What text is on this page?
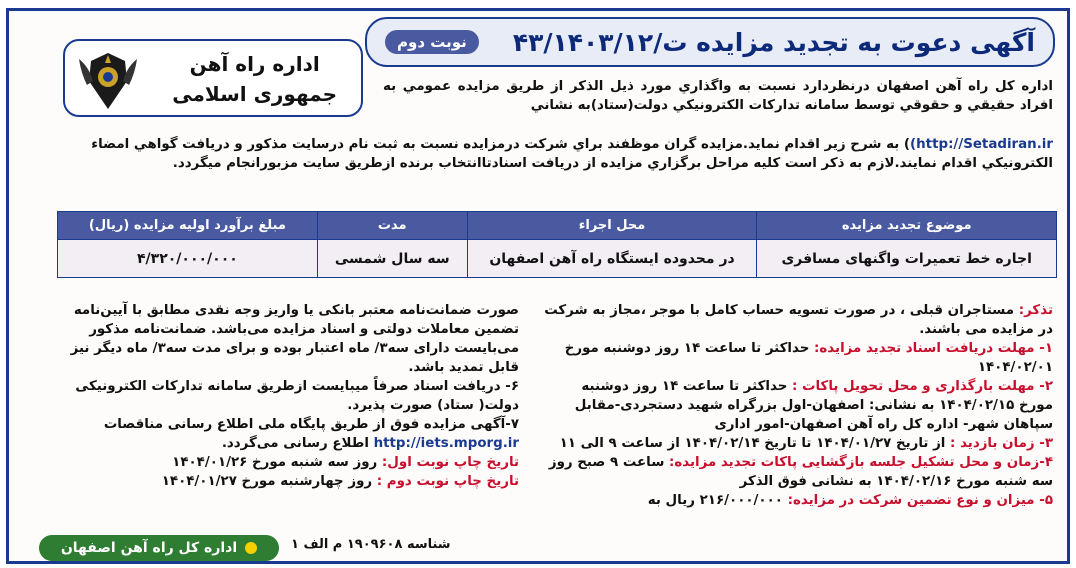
آگهی دعوت به تجدید مزایده ت/۴۳/۱۴۰۳/۱۲
نوبت دوم
اداره راه آهن
جمهوری اسلامی	اداره کل راه آهن اصفهان درنظردارد نسبت به واگذاري مورد ذيل الذکر از طريق مزايده عمومي به افراد حقيقي و حقوقي توسط سامانه تداركات الكترونيكي دولت(ستاد)به نشاني
(http://Setadiran.ir) به شرح زير اقدام نمايد.مزايده گران موظفند براي شركت درمزايده نسبت به ثبت نام درسايت مذكور و دريافت گواهي امضاء الكترونيكي اقدام نمايند.لازم به ذکر است کليه مراحل برگزاري مزايده از دريافت اسنادتاانتخاب برنده ازطريق سايت مزبورانجام ميگردد.
موضوع تجدید مزایده	محل اجراء	مدت	مبلغ برآورد اولیه مزایده (ریال)
اجاره خط تعمیرات واگنهای مسافری	در محدوده ایستگاه راه آهن اصفهان	سه سال شمسی	۴/۳۲۰/۰۰۰/۰۰۰
تذکر: مستاجران قبلی ، در صورت تسویه حساب کامل با موجر ،مجاز به شرکت در مزایده می باشند.
۱- مهلت دریافت اسناد تجدید مزایده: حداکثر تا ساعت ۱۴ روز دوشنبه مورخ ۱۴۰۴/۰۲/۰۱
۲- مهلت بارگذاری و محل تحویل پاکات : حداکثر تا ساعت ۱۴ روز دوشنبه مورخ ۱۴۰۴/۰۲/۱۵ به نشانی: اصفهان-اول بزرگراه شهید دستجردی-مقابل سپاهان شهر- اداره کل راه آهن اصفهان-امور اداری
۳- زمان بازدید : از تاریخ ۱۴۰۴/۰۱/۲۷ تا تاریخ ۱۴۰۴/۰۲/۱۴ از ساعت ۹ الی ۱۱
۴-زمان و محل تشکیل جلسه بازگشایی پاکات تجدید مزایده: ساعت ۹ صبح روز سه شنبه مورخ ۱۴۰۴/۰۲/۱۶ به نشانی فوق الذکر
۵- میزان و نوع تضمین شرکت در مزایده: ۲۱۶/۰۰۰/۰۰۰ ریال به
صورت ضمانت‌نامه معتبر بانکی یا واریز وجه نقدی مطابق با آیین‌نامه تضمین معاملات دولتی و اسناد مزایده می‌باشد. ضمانت‌نامه مذکور می‌بایست دارای سه۳/ ماه اعتبار بوده و برای مدت سه۳/ ماه دیگر نیز قابل تمدید باشد.
۶- دریافت اسناد صرفاً میبایست ازطریق سامانه تدارکات الکترونیکی دولت( ستاد) صورت پذیرد.
۷-آگهی مزایده فوق از طریق پایگاه ملی اطلاع رسانی مناقصات http://iets.mporg.ir اطلاع رسانی می‌گردد.
تاریخ چاپ نوبت اول: روز سه شنبه مورخ ۱۴۰۴/۰۱/۲۶
تاریخ چاپ نوبت دوم : روز چهارشنبه مورخ ۱۴۰۴/۰۱/۲۷
اداره کل راه آهن اصفهان	شناسه ۱۹۰۹۶۰۸ م الف ۱
